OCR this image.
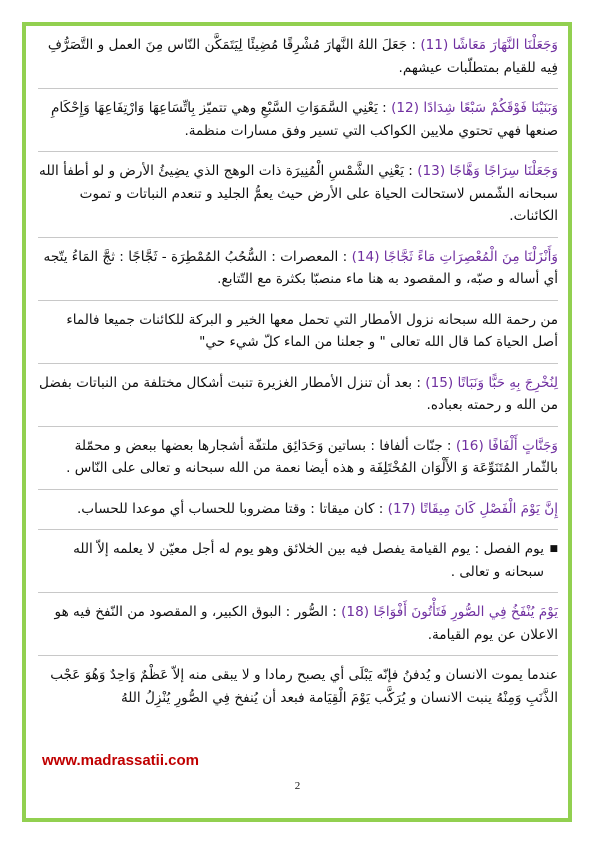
وَجَعَلْنَا النَّهَارَ مَعَاشًا (11) : جَعَلَ اللهُ النَّهارَ مُشْرِقًا مُضِيئًا لِيَتَمَكَّن النّاس مِنَ العمل و التَّصَرُّفِ فِيه للقيام بمتطلّبات عيشهم.

وَبَنَيْنَا فَوْقَكُمْ سَبْعًا شِدَادًا (12) : يَعْنِي السَّمَوَاتِ السَّبْعِ وهي تتميّز بِاتِّسَاعِهَا وَارْتِفَاعِهَا وَإِحْكَامِ صنعها فهي تحتوي ملايين الكواكب التي تسير وفق مسارات منظمة.

وَجَعَلْنَا سِرَاجًا وَهَّاجًا (13) : يَعْنِي الشَّمْسِ الْمُنِيرَة ذات الوهج الذي يضِيئُ الأرض و لو أطفأ الله سبحانه الشّمس لاستحالت الحياة على الأرض حيث يعمُّ الجليد و تنعدم النباتات و تموت الكائنات.

وَأَنْزَلْنَا مِنَ الْمُعْصِرَاتِ مَاءً ثَجَّاجًا (14) : المعصرات : السُّحُبُ المُمْطِرَة - ثَجَّاجًا : ثجَّ المَاءُ يتّجه أي أساله و صبّه، و المقصود به هنا ماء منصبّا بكثرة مع التّتابع.

من رحمة الله سبحانه نزول الأمطار التي تحمل معها الخير و البركة للكائنات جميعا فالماء أصل الحياة كما قال الله تعالى " و جعلنا من الماء كلّ شيء حي"

لِنُخْرِجَ بِهِ حَبًّا وَنَبَاتًا (15) : بعد أن تنزل الأمطار الغزيرة تنبت أشكال مختلفة من النباتات بفضل من الله و رحمته بعباده.

وَجَنَّاتٍ أَلْفَافًا (16) : جنّات ألفافا : بساتين وَحَدَائِق ملتفّة أشجارها بعضها ببعض و محمّلة بالثّمار المُتَنَوِّعَة وَ الأَلْوَان المُخْتَلِفَة و هذه أيضا نعمة من الله سبحانه و تعالى على النّاس .

إِنَّ يَوْمَ الْفَصْلِ كَانَ مِيقَاتًا (17) : كان ميقاتا : وقتا مضروبا للحساب أي موعدا للحساب.

■
يوم الفصل : يوم القيامة يفصل فيه بين الخلائق وهو يوم له أجل معيّن لا يعلمه إلاّ الله سبحانه و تعالى .

يَوْمَ يُنْفَخُ فِي الصُّورِ فَتَأْتُونَ أَفْوَاجًا (18) : الصُّور : البوق الكبير، و المقصود من النّفخ فيه هو الاعلان عن يوم القيامة.

عندما يموت الانسان و يُدفنُ فإنّه يَبْلَى أي يصبح رمادا و لا يبقى منه إلاّ عَظْمٌ وَاحِدٌ وَهُوَ عَجْب الذَّنَبِ وَمِنْهُ ينبت الانسان و يُرَكَّب يَوْمَ الْقِيَامة فبعد أن يُنفخ فِي الصُّورِ يُنْزِلُ اللهُ

www.madrassatii.com
2
